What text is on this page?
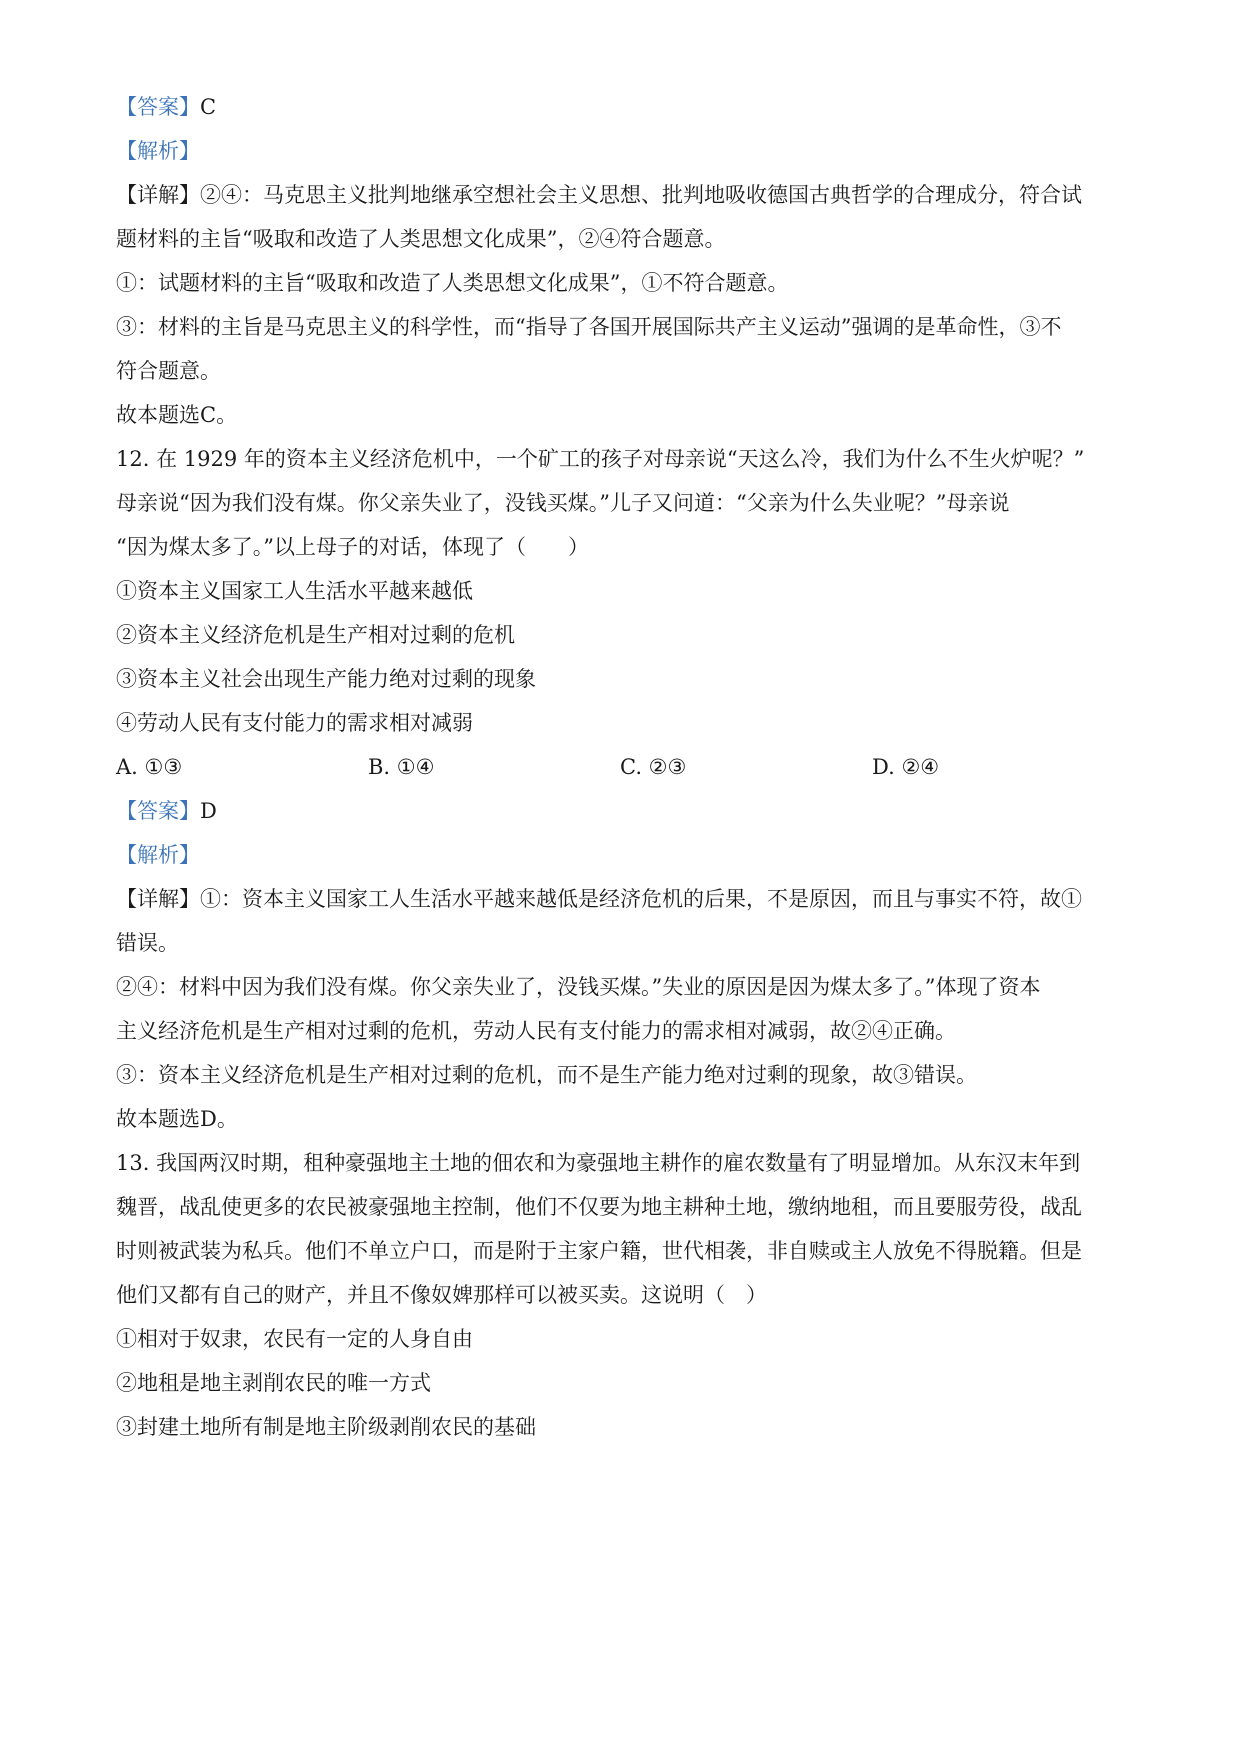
【答案】C
【解析】
【详解】②④：马克思主义批判地继承空想社会主义思想、批判地吸收德国古典哲学的合理成分，符合试
题材料的主旨“吸取和改造了人类思想文化成果”，②④符合题意。
①：试题材料的主旨“吸取和改造了人类思想文化成果”，①不符合题意。
③：材料的主旨是马克思主义的科学性，而“指导了各国开展国际共产主义运动”强调的是革命性，③不
符合题意。
故本题选C。
12. 在 1929 年的资本主义经济危机中，一个矿工的孩子对母亲说“天这么冷，我们为什么不生火炉呢？”
母亲说“因为我们没有煤。你父亲失业了，没钱买煤。”儿子又问道：“父亲为什么失业呢？”母亲说
“因为煤太多了。”以上母子的对话，体现了（　　）
①资本主义国家工人生活水平越来越低
②资本主义经济危机是生产相对过剩的危机
③资本主义社会出现生产能力绝对过剩的现象
④劳动人民有支付能力的需求相对减弱
A. ①③	B. ①④	C. ②③	D. ②④
【答案】D
【解析】
【详解】①：资本主义国家工人生活水平越来越低是经济危机的后果，不是原因，而且与事实不符，故①
错误。
②④：材料中因为我们没有煤。你父亲失业了，没钱买煤。”失业的原因是因为煤太多了。”体现了资本
主义经济危机是生产相对过剩的危机，劳动人民有支付能力的需求相对减弱，故②④正确。
③：资本主义经济危机是生产相对过剩的危机，而不是生产能力绝对过剩的现象，故③错误。
故本题选D。
13. 我国两汉时期，租种豪强地主土地的佃农和为豪强地主耕作的雇农数量有了明显增加。从东汉末年到
魏晋，战乱使更多的农民被豪强地主控制，他们不仅要为地主耕种土地，缴纳地租，而且要服劳役，战乱
时则被武装为私兵。他们不单立户口，而是附于主家户籍，世代相袭，非自赎或主人放免不得脱籍。但是
他们又都有自己的财产，并且不像奴婢那样可以被买卖。这说明（　）
①相对于奴隶，农民有一定的人身自由
②地租是地主剥削农民的唯一方式
③封建土地所有制是地主阶级剥削农民的基础
